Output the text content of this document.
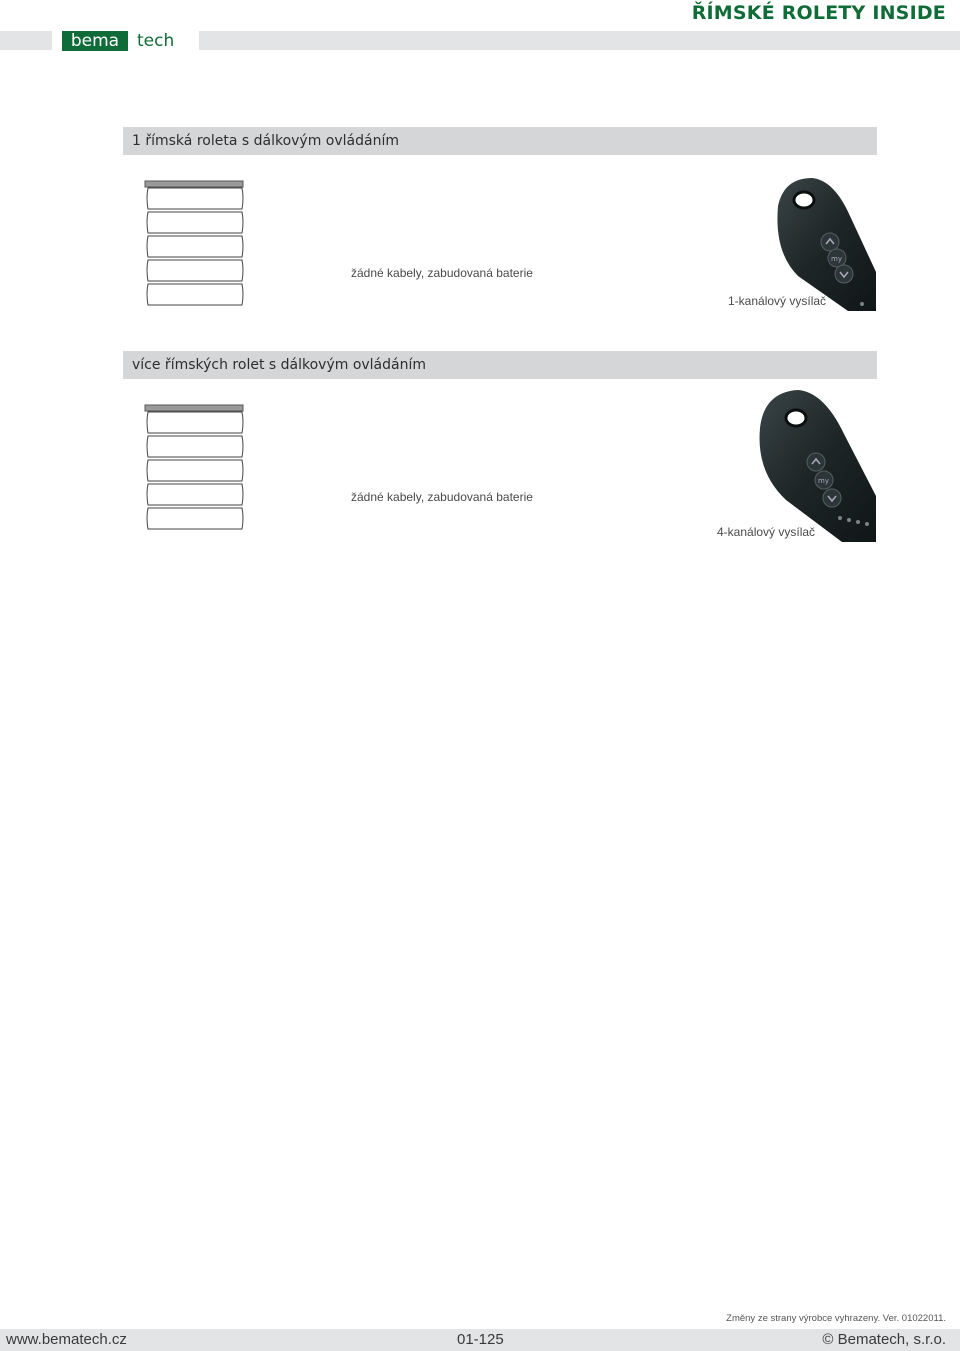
bema	tech
ŘÍMSKÉ ROLETY INSIDE
1 římská roleta s dálkovým ovládáním
žádné kabely, zabudovaná baterie
1-kanálový vysílač
my
více římských rolet s dálkovým ovládáním
žádné kabely, zabudovaná baterie
4-kanálový vysílač
my
Změny ze strany výrobce vyhrazeny. Ver. 01022011.
www.bematech.cz	01-125	© Bematech, s.r.o.
